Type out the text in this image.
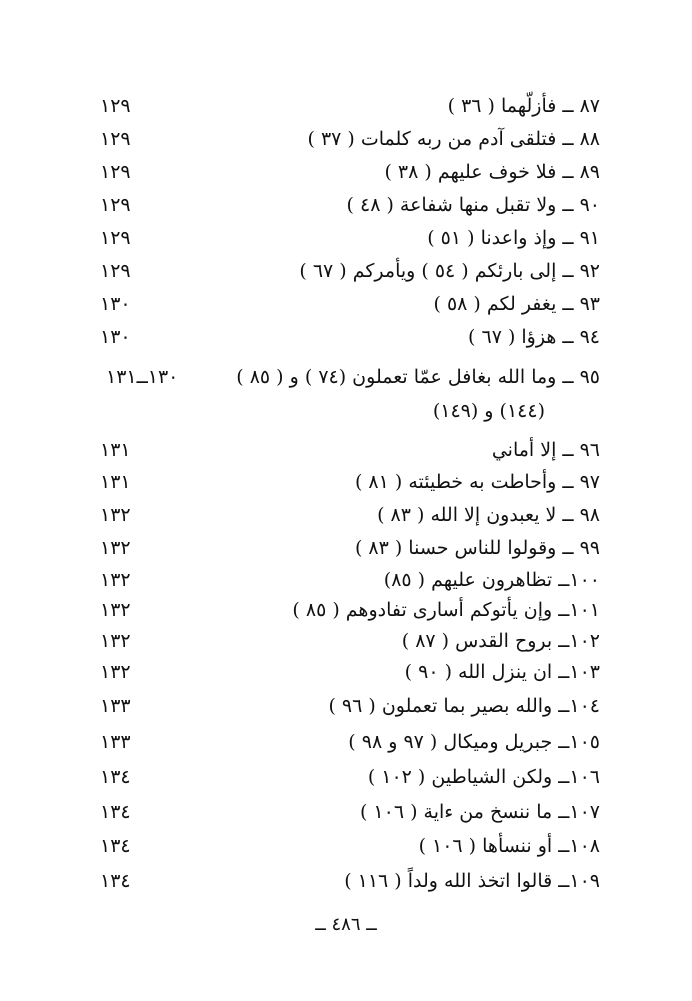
٨٧ ــ فأزلّهما ( ٣٦ )
١٢٩
٨٨ ــ فتلقى آدم من ربه كلمات ( ٣٧ )
١٢٩
٨٩ ــ فلا خوف عليهم ( ٣٨ )
١٢٩
٩٠ ــ ولا تقبل منها شفاعة ( ٤٨ )
١٢٩
٩١ ــ وإذ واعدنا ( ٥١ )
١٢٩
٩٢ ــ إلى بارئكم ( ٥٤ ) ويأمركم ( ٦٧ )
١٢٩
٩٣ ــ يغفر لكم ( ٥٨ )
١٣٠
٩٤ ــ هزؤا ( ٦٧ )
١٣٠
٩٥ ــ وما الله بغافل عمّا تعملون (٧٤ ) و ( ٨٥ )
١٣٠ــ١٣١
(١٤٤) و (١٤٩)
٩٦ ــ إلا أماني
١٣١
٩٧ ــ وأحاطت به خطيئته ( ٨١ )
١٣١
٩٨ ــ لا يعبدون إلا الله ( ٨٣ )
١٣٢
٩٩ ــ وقولوا للناس حسنا ( ٨٣ )
١٣٢
١٠٠ــ تظاهرون عليهم ( ٨٥)
١٣٢
١٠١ــ وإن يأتوكم أسارى تفادوهم ( ٨٥ )
١٣٢
١٠٢ــ بروح القدس ( ٨٧ )
١٣٢
١٠٣ــ ان ينزل الله ( ٩٠ )
١٣٢
١٠٤ــ والله بصير بما تعملون ( ٩٦ )
١٣٣
١٠٥ــ جبريل وميكال ( ٩٧ و ٩٨ )
١٣٣
١٠٦ــ ولكن الشياطين ( ١٠٢ )
١٣٤
١٠٧ــ ما ننسخ من ءاية ( ١٠٦ )
١٣٤
١٠٨ــ أو ننسأها ( ١٠٦ )
١٣٤
١٠٩ــ قالوا اتخذ الله ولداً ( ١١٦ )
١٣٤
ــ ٤٨٦ ــ
